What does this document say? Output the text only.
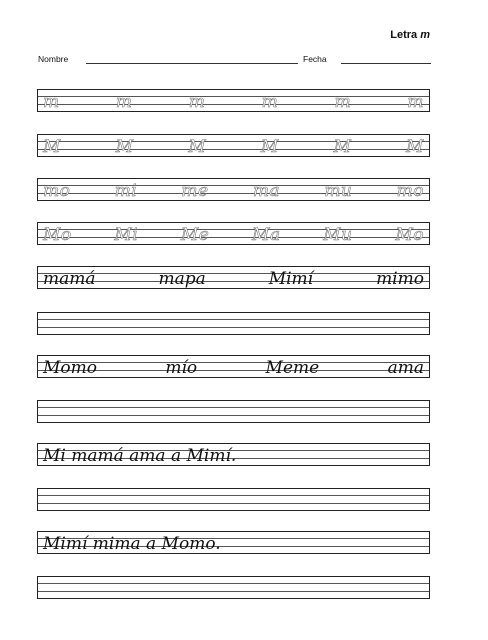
Letra m
Nombre	Fecha
m	m	m	m	m	m
M	M	M	M	M	M
mo	mi	me	ma	mu	mo
Mo	Mi	Me	Ma	Mu	Mo
mamá	mapa	Mimí	mimo
Momo	mío	Meme	ama
Mi mamá ama a Mimí.
Mimí mima a Momo.
